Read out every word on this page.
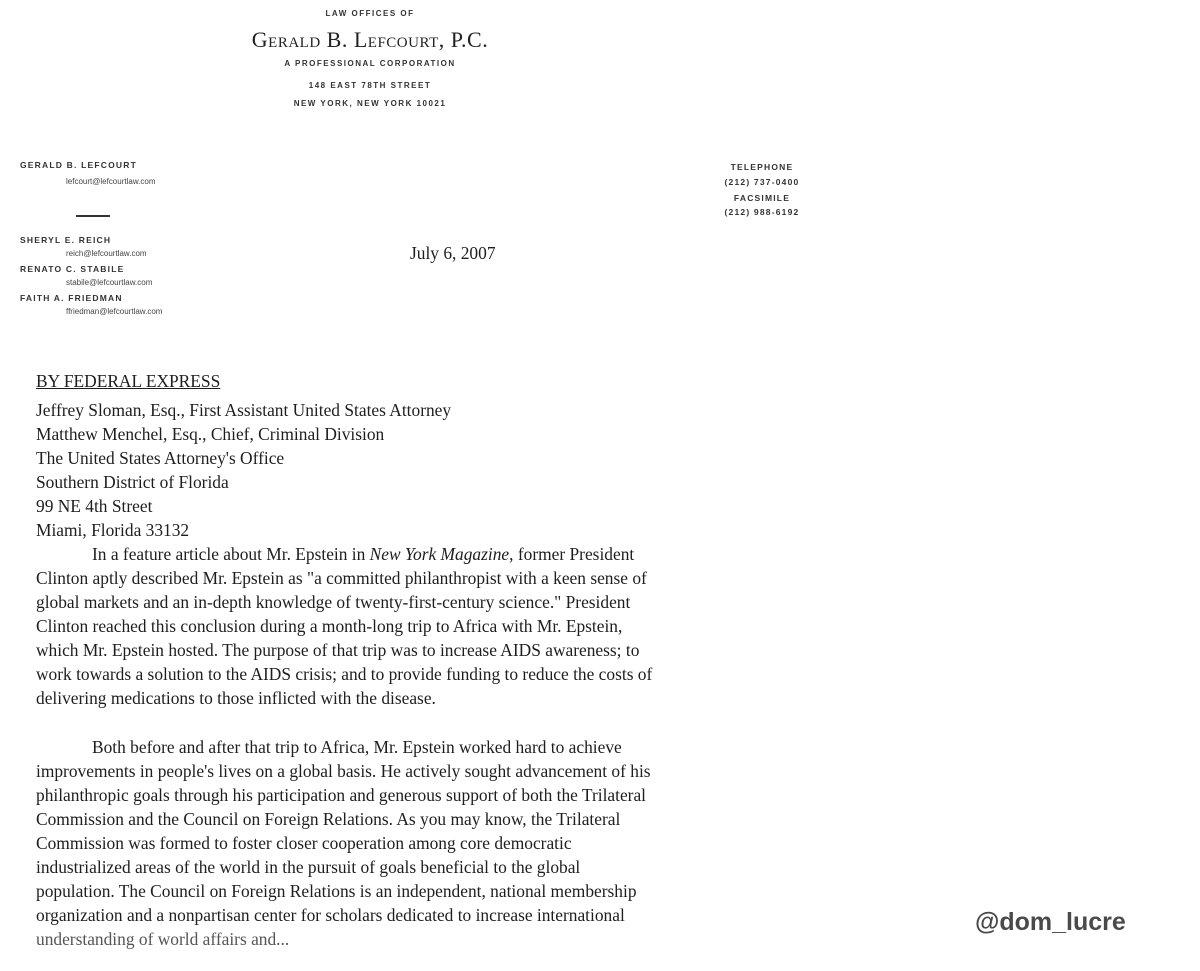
LAW OFFICES OF
Gerald B. Lefcourt, P.C.
A PROFESSIONAL CORPORATION
148 EAST 78TH STREET
NEW YORK, NEW YORK 10021
GERALD B. LEFCOURT
lefcourt@lefcourtlaw.com
SHERYL E. REICH
reich@lefcourtlaw.com
RENATO C. STABILE
stabile@lefcourtlaw.com
FAITH A. FRIEDMAN
ffriedman@lefcourtlaw.com
TELEPHONE
(212) 737-0400
FACSIMILE
(212) 988-6192
July 6, 2007
BY FEDERAL EXPRESS
Jeffrey Sloman, Esq., First Assistant United States Attorney
Matthew Menchel, Esq., Chief, Criminal Division
The United States Attorney's Office
Southern District of Florida
99 NE 4th Street
Miami, Florida 33132
In a feature article about Mr. Epstein in New York Magazine, former President
Clinton aptly described Mr. Epstein as "a committed philanthropist with a keen sense of
global markets and an in-depth knowledge of twenty-first-century science." President
Clinton reached this conclusion during a month-long trip to Africa with Mr. Epstein,
which Mr. Epstein hosted. The purpose of that trip was to increase AIDS awareness; to
work towards a solution to the AIDS crisis; and to provide funding to reduce the costs of
delivering medications to those inflicted with the disease.
Both before and after that trip to Africa, Mr. Epstein worked hard to achieve
improvements in people's lives on a global basis. He actively sought advancement of his
philanthropic goals through his participation and generous support of both the Trilateral
Commission and the Council on Foreign Relations. As you may know, the Trilateral
Commission was formed to foster closer cooperation among core democratic
industrialized areas of the world in the pursuit of goals beneficial to the global
population. The Council on Foreign Relations is an independent, national membership
organization and a nonpartisan center for scholars dedicated to increase international
understanding of world affairs and...
@dom_lucre
